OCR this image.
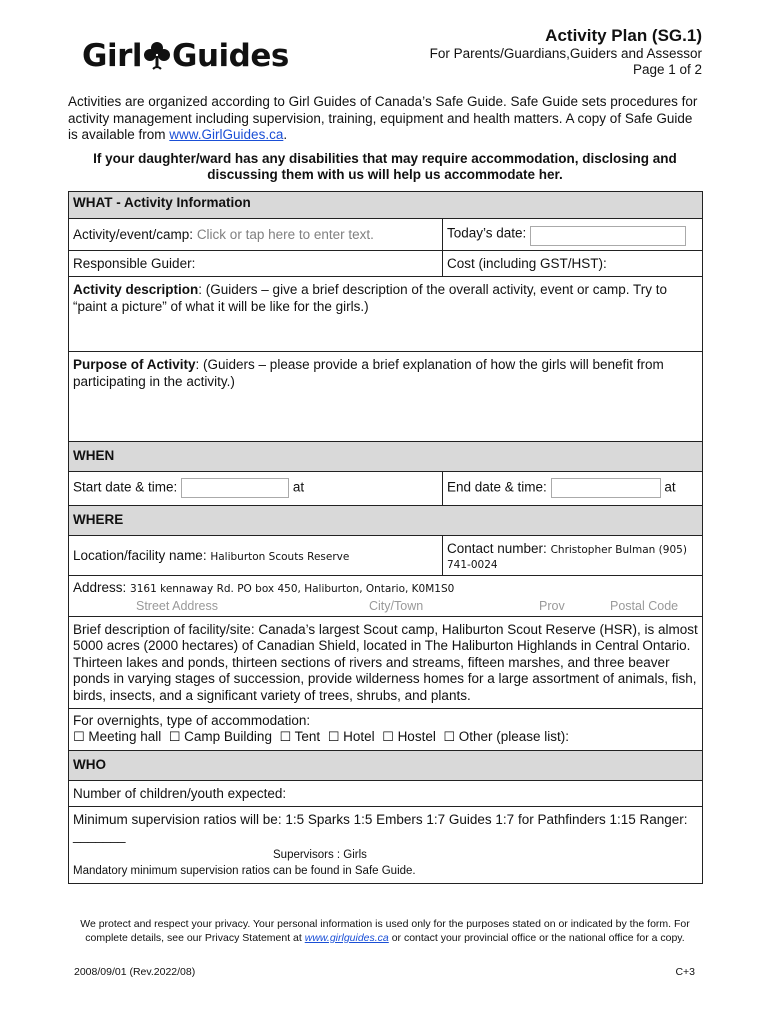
Girl Guides
Activity Plan (SG.1)
For Parents/Guardians,Guiders and Assessor
Page 1 of 2
Activities are organized according to Girl Guides of Canada’s Safe Guide. Safe Guide sets procedures for activity management including supervision, training, equipment and health matters. A copy of Safe Guide is available from www.GirlGuides.ca.
If your daughter/ward has any disabilities that may require accommodation, disclosing and discussing them with us will help us accommodate her.
WHAT - Activity Information	
Activity/event/camp: Click or tap here to enter text.	Today’s date:
Responsible Guider:	Cost (including GST/HST):
Activity description: (Guiders – give a brief description of the overall activity, event or camp. Try to “paint a picture” of what it will be like for the girls.)	
Purpose of Activity: (Guiders – please provide a brief explanation of how the girls will benefit from participating in the activity.)	
WHEN	
Start date & time: at	End date & time: at
WHERE	
Location/facility name: Haliburton Scouts Reserve	Contact number: Christopher Bulman (905) 741-0024

Address: 3161 kennaway Rd. PO box 450, Haliburton, Ontario, K0M1S0
Street Address City/Town Prov Postal Code	

Brief description of facility/site: Canada’s largest Scout camp, Haliburton Scout Reserve (HSR), is almost 5000 acres (2000 hectares) of Canadian Shield, located in The Haliburton Highlands in Central Ontario. Thirteen lakes and ponds, thirteen sections of rivers and streams, fifteen marshes, and three beaver ponds in varying stages of succession, provide wilderness homes for a large assortment of animals, fish, birds, insects, and a significant variety of trees, shrubs, and plants.	

For overnights, type of accommodation:
☐ Meeting hall ☐ Camp Building ☐ Tent ☐ Hotel ☐ Hostel ☐ Other (please list):	

WHO	
Number of children/youth expected:	

Minimum supervision ratios will be: 1:5 Sparks 1:5 Embers 1:7 Guides 1:7 for Pathfinders 1:15 Ranger: _______
Supervisors : Girls
Mandatory minimum supervision ratios can be found in Safe Guide.	
We protect and respect your privacy. Your personal information is used only for the purposes stated on or indicated by the form. For complete details, see our Privacy Statement at www.girlguides.ca or contact your provincial office or the national office for a copy.
2008/09/01 (Rev.2022/08)	C+3
